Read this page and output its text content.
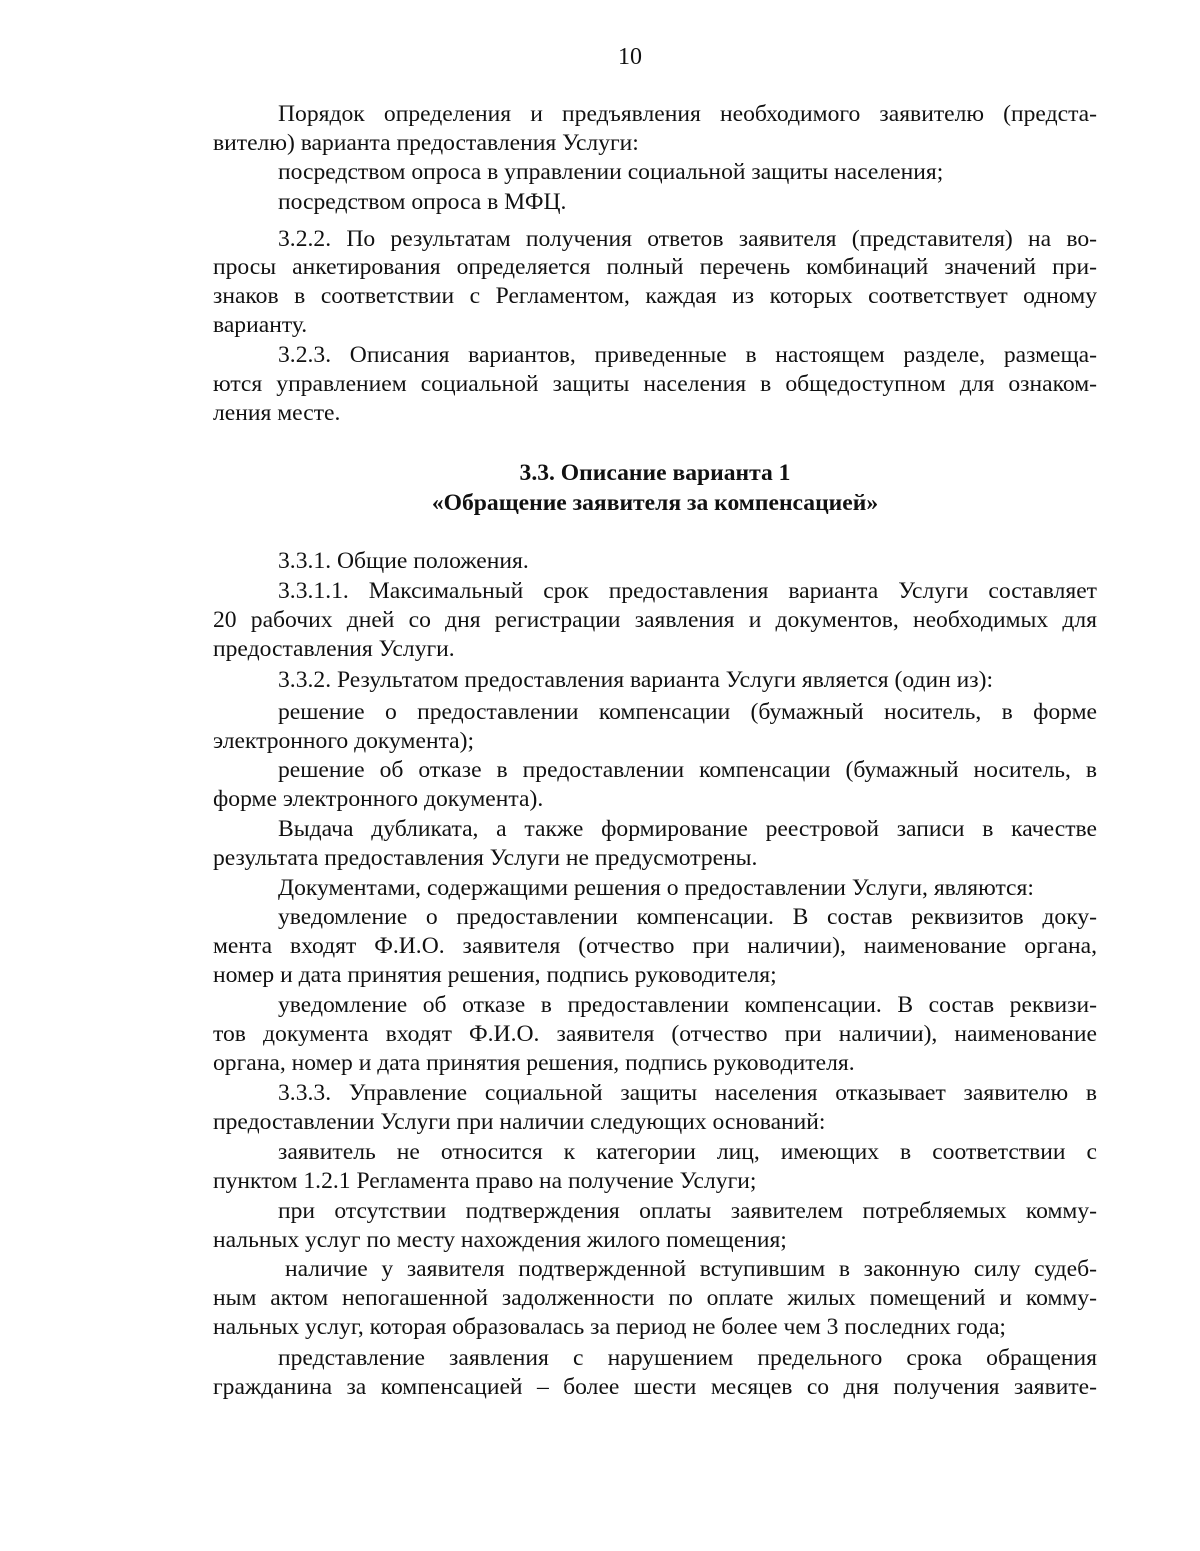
10
Порядок определения и предъявления необходимого заявителю (предста-
вителю) варианта предоставления Услуги:
посредством опроса в управлении социальной защиты населения;
посредством опроса в МФЦ.
3.2.2. По результатам получения ответов заявителя (представителя) на во-
просы анкетирования определяется полный перечень комбинаций значений при-
знаков в соответствии с Регламентом, каждая из которых соответствует одному
варианту.
3.2.3. Описания вариантов, приведенные в настоящем разделе, размеща-
ются управлением социальной защиты населения в общедоступном для ознаком-
ления месте.
3.3. Описание варианта 1
«Обращение заявителя за компенсацией»
3.3.1. Общие положения.
3.3.1.1. Максимальный срок предоставления варианта Услуги составляет
20 рабочих дней со дня регистрации заявления и документов, необходимых для
предоставления Услуги.
3.3.2. Результатом предоставления варианта Услуги является (один из):
решение о предоставлении компенсации (бумажный носитель, в форме
электронного документа);
решение об отказе в предоставлении компенсации (бумажный носитель, в
форме электронного документа).
Выдача дубликата, а также формирование реестровой записи в качестве
результата предоставления Услуги не предусмотрены.
Документами, содержащими решения о предоставлении Услуги, являются:
уведомление о предоставлении компенсации. В состав реквизитов доку-
мента входят Ф.И.О. заявителя (отчество при наличии), наименование органа,
номер и дата принятия решения, подпись руководителя;
уведомление об отказе в предоставлении компенсации. В состав реквизи-
тов документа входят Ф.И.О. заявителя (отчество при наличии), наименование
органа, номер и дата принятия решения, подпись руководителя.
3.3.3. Управление социальной защиты населения отказывает заявителю в
предоставлении Услуги при наличии следующих оснований:
заявитель не относится к категории лиц, имеющих в соответствии с
пунктом 1.2.1 Регламента право на получение Услуги;
при отсутствии подтверждения оплаты заявителем потребляемых комму-
нальных услуг по месту нахождения жилого помещения;
наличие у заявителя подтвержденной вступившим в законную силу судеб-
ным актом непогашенной задолженности по оплате жилых помещений и комму-
нальных услуг, которая образовалась за период не более чем 3 последних года;
представление заявления с нарушением предельного срока обращения
гражданина за компенсацией – более шести месяцев со дня получения заявите-
